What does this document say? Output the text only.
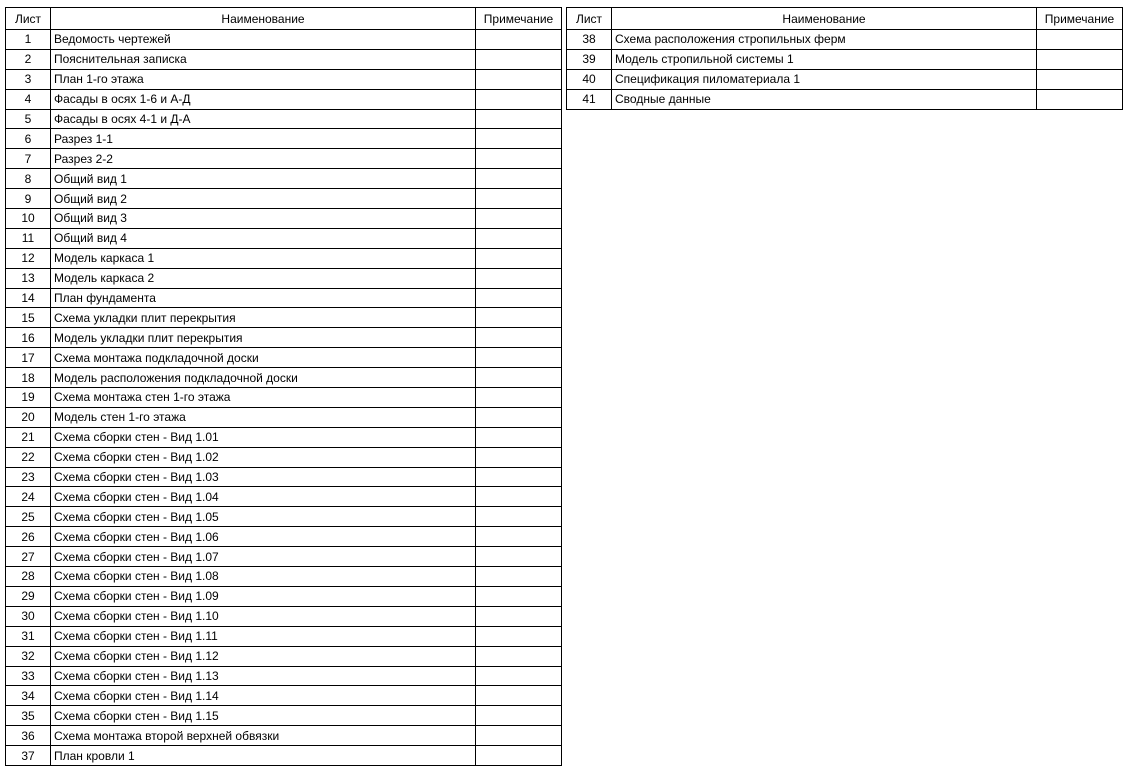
Лист	Наименование	Примечание
1	Ведомость чертежей	
2	Пояснительная записка	
3	План 1-го этажа	
4	Фасады в осях 1-6 и А-Д	
5	Фасады в осях 4-1 и Д-А	
6	Разрез 1-1	
7	Разрез 2-2	
8	Общий вид 1	
9	Общий вид 2	
10	Общий вид 3	
11	Общий вид 4	
12	Модель каркаса 1	
13	Модель каркаса 2	
14	План фундамента	
15	Схема укладки плит перекрытия	
16	Модель укладки плит перекрытия	
17	Схема монтажа подкладочной доски	
18	Модель расположения подкладочной доски	
19	Схема монтажа стен 1-го этажа	
20	Модель стен 1-го этажа	
21	Схема сборки стен - Вид 1.01	
22	Схема сборки стен - Вид 1.02	
23	Схема сборки стен - Вид 1.03	
24	Схема сборки стен - Вид 1.04	
25	Схема сборки стен - Вид 1.05	
26	Схема сборки стен - Вид 1.06	
27	Схема сборки стен - Вид 1.07	
28	Схема сборки стен - Вид 1.08	
29	Схема сборки стен - Вид 1.09	
30	Схема сборки стен - Вид 1.10	
31	Схема сборки стен - Вид 1.11	
32	Схема сборки стен - Вид 1.12	
33	Схема сборки стен - Вид 1.13	
34	Схема сборки стен - Вид 1.14	
35	Схема сборки стен - Вид 1.15	
36	Схема монтажа второй верхней обвязки	
37	План кровли 1	
Лист	Наименование	Примечание
38	Схема расположения стропильных ферм	
39	Модель стропильной системы 1	
40	Спецификация пиломатериала 1	
41	Сводные данные	
